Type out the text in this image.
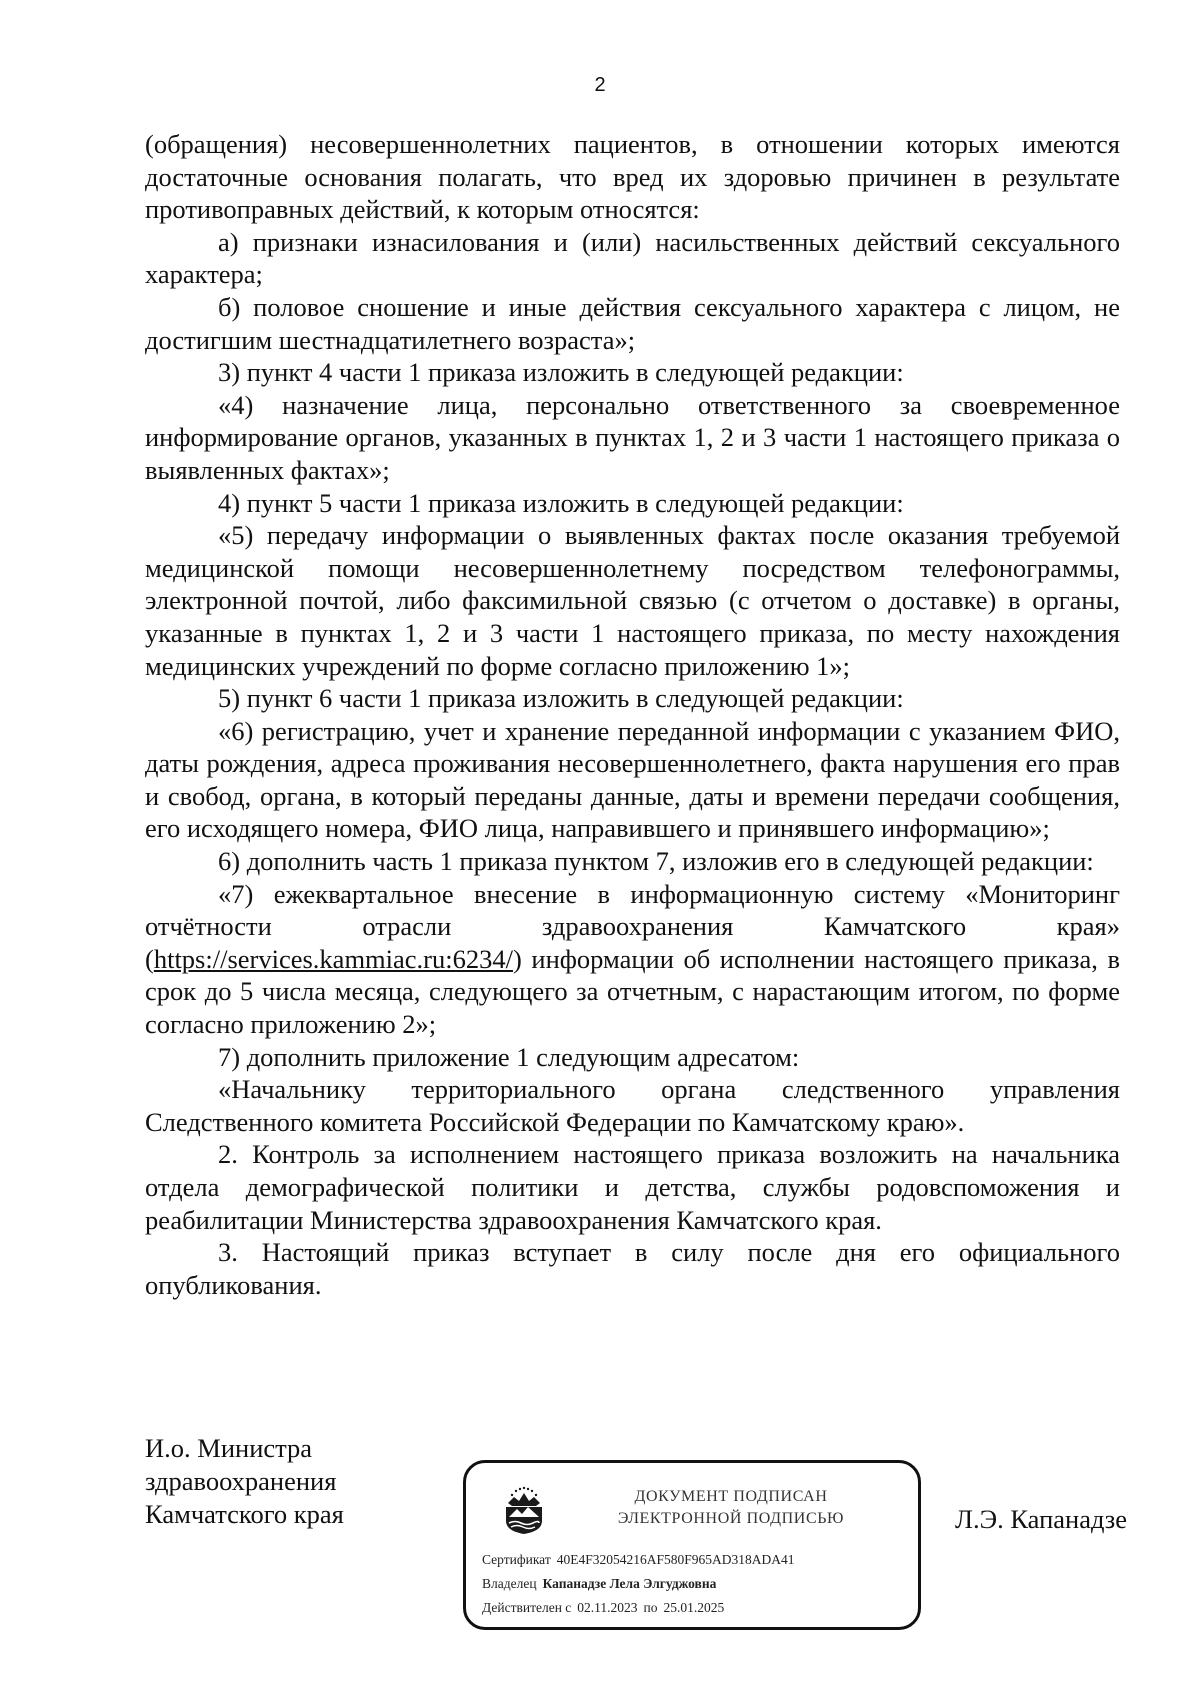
2

(обращения) несовершеннолетних пациентов, в отношении которых имеются достаточные основания полагать, что вред их здоровью причинен в результате противоправных действий, к которым относятся:

а) признаки изнасилования и (или) насильственных действий сексуального характера;

б) половое сношение и иные действия сексуального характера с лицом, не достигшим шестнадцатилетнего возраста»;

3) пункт 4 части 1 приказа изложить в следующей редакции:

«4) назначение лица, персонально ответственного за своевременное информирование органов, указанных в пунктах 1, 2 и 3 части 1 настоящего приказа о выявленных фактах»;

4) пункт 5 части 1 приказа изложить в следующей редакции:

«5) передачу информации о выявленных фактах после оказания требуемой медицинской помощи несовершеннолетнему посредством телефонограммы, электронной почтой, либо факсимильной связью (с отчетом о доставке) в органы, указанные в пунктах 1, 2 и 3 части 1 настоящего приказа, по месту нахождения медицинских учреждений по форме согласно приложению 1»;

5) пункт 6 части 1 приказа изложить в следующей редакции:

«6) регистрацию, учет и хранение переданной информации с указанием ФИО, даты рождения, адреса проживания несовершеннолетнего, факта нарушения его прав и свобод, органа, в который переданы данные, даты и времени передачи сообщения, его исходящего номера, ФИО лица, направившего и принявшего информацию»;

6) дополнить часть 1 приказа пунктом 7, изложив его в следующей редакции:

«7) ежеквартальное внесение в информационную систему «Мониторинг отчётности отрасли здравоохранения Камчатского края» (https://services.kammiac.ru:6234/) информации об исполнении настоящего приказа, в срок до 5 числа месяца, следующего за отчетным, с нарастающим итогом, по форме согласно приложению 2»;

7) дополнить приложение 1 следующим адресатом:

«Начальнику территориального органа следственного управления Следственного комитета Российской Федерации по Камчатскому краю».

2. Контроль за исполнением настоящего приказа возложить на начальника отдела демографической политики и детства, службы родовспоможения и реабилитации Министерства здравоохранения Камчатского края.

3. Настоящий приказ вступает в силу после дня его официального опубликования.

И.о. Министра
здравоохранения
Камчатского края
ДОКУМЕНТ ПОДПИСАН
ЭЛЕКТРОННОЙ ПОДПИСЬЮ
Сертификат 40E4F32054216AF580F965AD318ADA41
Владелец Капанадзе Лела Элгуджовна
Действителен с 02.11.2023 по 25.01.2025
Л.Э. Капанадзе
